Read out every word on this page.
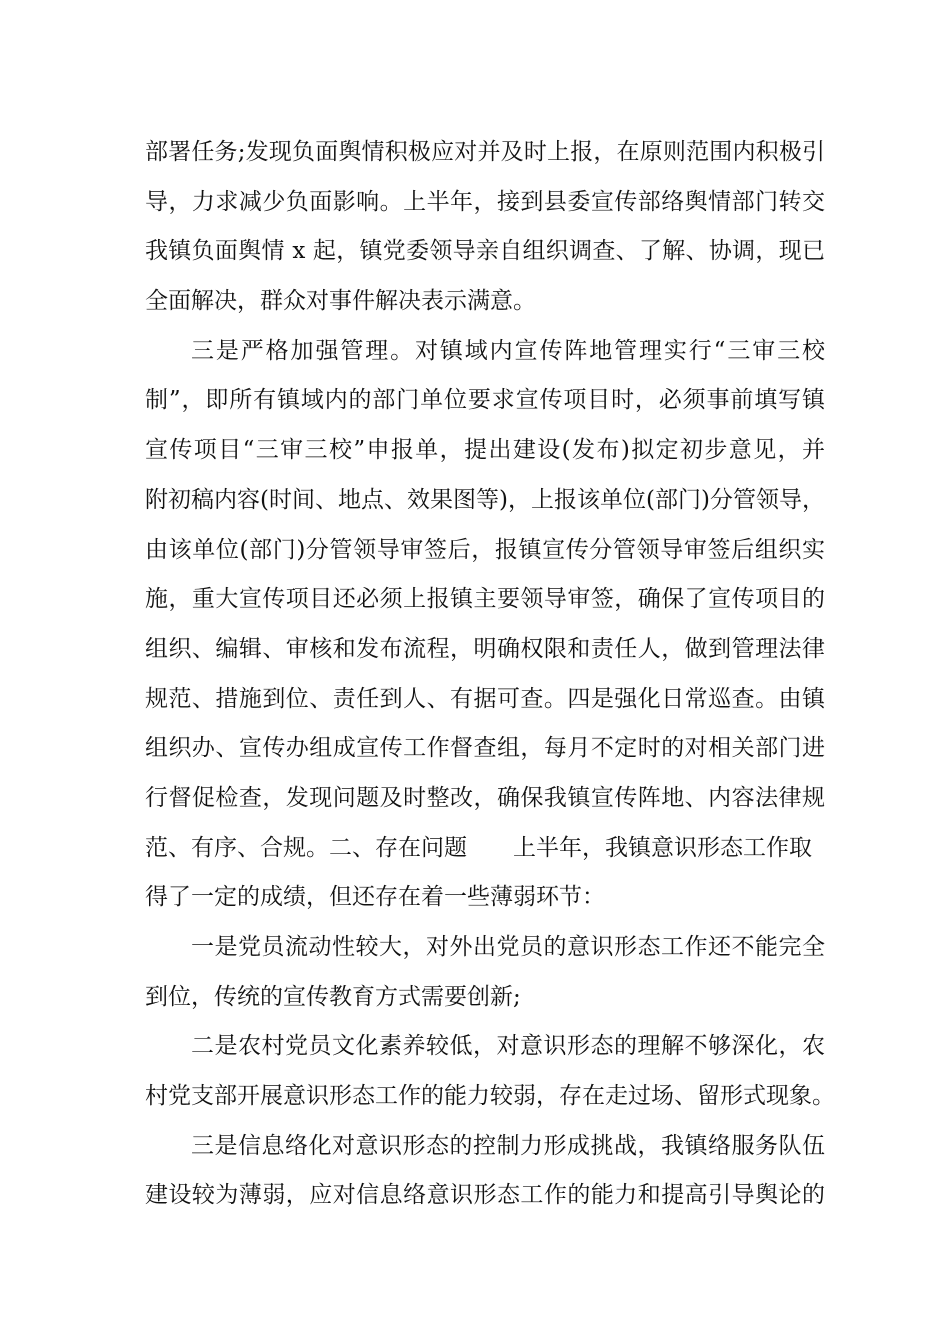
部署任务;发现负面舆情积极应对并及时上报，在原则范围内积极引
导，力求减少负面影响。上半年，接到县委宣传部络舆情部门转交
我镇负面舆情 x 起，镇党委领导亲自组织调查、了解、协调，现已
全面解决，群众对事件解决表示满意。
三是严格加强管理。对镇域内宣传阵地管理实行“三审三校
制”，即所有镇域内的部门单位要求宣传项目时，必须事前填写镇
宣传项目“三审三校”申报单，提出建设(发布)拟定初步意见，并
附初稿内容(时间、地点、效果图等)，上报该单位(部门)分管领导，
由该单位(部门)分管领导审签后，报镇宣传分管领导审签后组织实
施，重大宣传项目还必须上报镇主要领导审签，确保了宣传项目的
组织、编辑、审核和发布流程，明确权限和责任人，做到管理法律
规范、措施到位、责任到人、有据可查。四是强化日常巡查。由镇
组织办、宣传办组成宣传工作督查组，每月不定时的对相关部门进
行督促检查，发现问题及时整改，确保我镇宣传阵地、内容法律规
范、有序、合规。二、存在问题　　上半年，我镇意识形态工作取
得了一定的成绩，但还存在着一些薄弱环节：
一是党员流动性较大，对外出党员的意识形态工作还不能完全
到位，传统的宣传教育方式需要创新;
二是农村党员文化素养较低，对意识形态的理解不够深化，农
村党支部开展意识形态工作的能力较弱，存在走过场、留形式现象。
三是信息络化对意识形态的控制力形成挑战，我镇络服务队伍
建设较为薄弱，应对信息络意识形态工作的能力和提高引导舆论的
